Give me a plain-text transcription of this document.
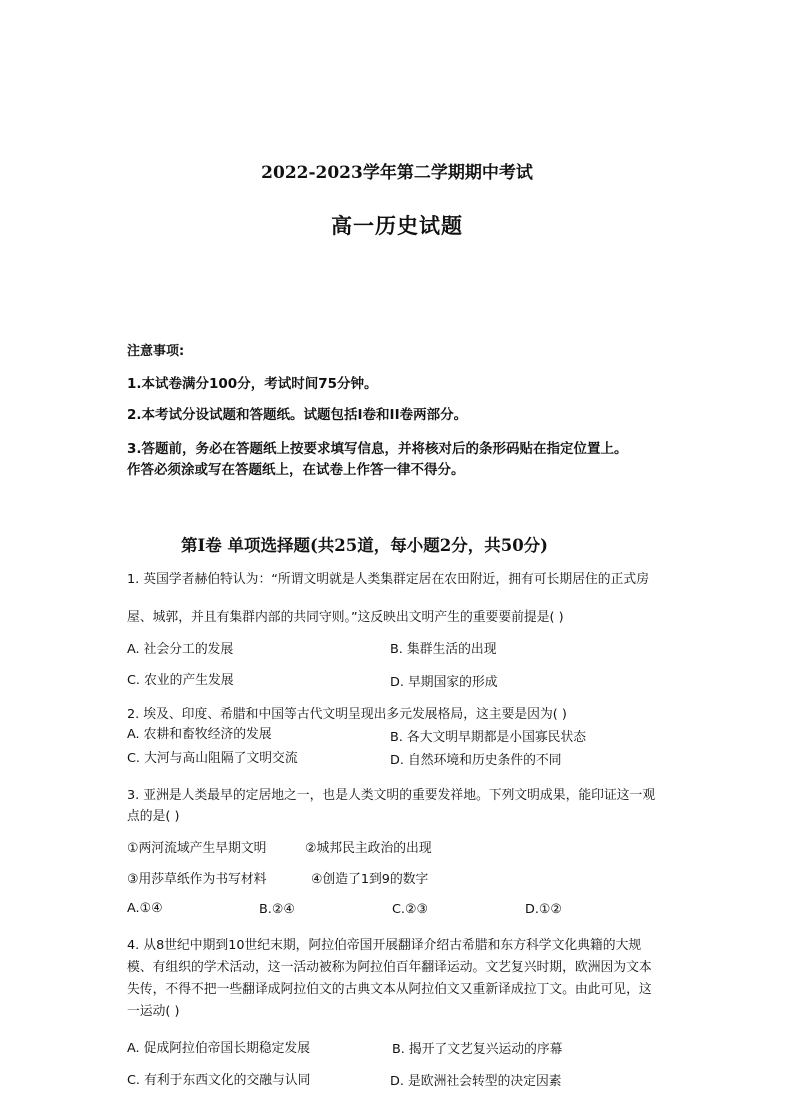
2022-2023学年第二学期期中考试
高一历史试题
注意事项:
1.本试卷满分100分，考试时间75分钟。
2.本考试分设试题和答题纸。试题包括I卷和II卷两部分。
3.答题前，务必在答题纸上按要求填写信息，并将核对后的条形码贴在指定位置上。
作答必须涂或写在答题纸上，在试卷上作答一律不得分。
第Ⅰ卷 单项选择题(共25道，每小题2分，共50分)
1. 英国学者赫伯特认为：“所谓文明就是人类集群定居在农田附近，拥有可长期居住的正式房
屋、城郭，并且有集群内部的共同守则。”这反映出文明产生的重要要前提是( )
A. 社会分工的发展	B. 集群生活的出现
C. 农业的产生发展	D. 早期国家的形成
2. 埃及、印度、希腊和中国等古代文明呈现出多元发展格局，这主要是因为( )
A. 农耕和畜牧经济的发展	B. 各大文明早期都是小国寡民状态
C. 大河与高山阻隔了文明交流	D. 自然环境和历史条件的不同
3. 亚洲是人类最早的定居地之一，也是人类文明的重要发祥地。下列文明成果，能印证这一观
点的是( )
①两河流域产生早期文明	②城邦民主政治的出现
③用莎草纸作为书写材料	④创造了1到9的数字
A.①④	B.②④	C.②③	D.①②
4. 从8世纪中期到10世纪末期，阿拉伯帝国开展翻译介绍古希腊和东方科学文化典籍的大规
模、有组织的学术活动，这一活动被称为阿拉伯百年翻译运动。文艺复兴时期，欧洲因为文本
失传，不得不把一些翻译成阿拉伯文的古典文本从阿拉伯文又重新译成拉丁文。由此可见，这
一运动( )
A. 促成阿拉伯帝国长期稳定发展	B. 揭开了文艺复兴运动的序幕
C. 有利于东西文化的交融与认同	D. 是欧洲社会转型的决定因素
